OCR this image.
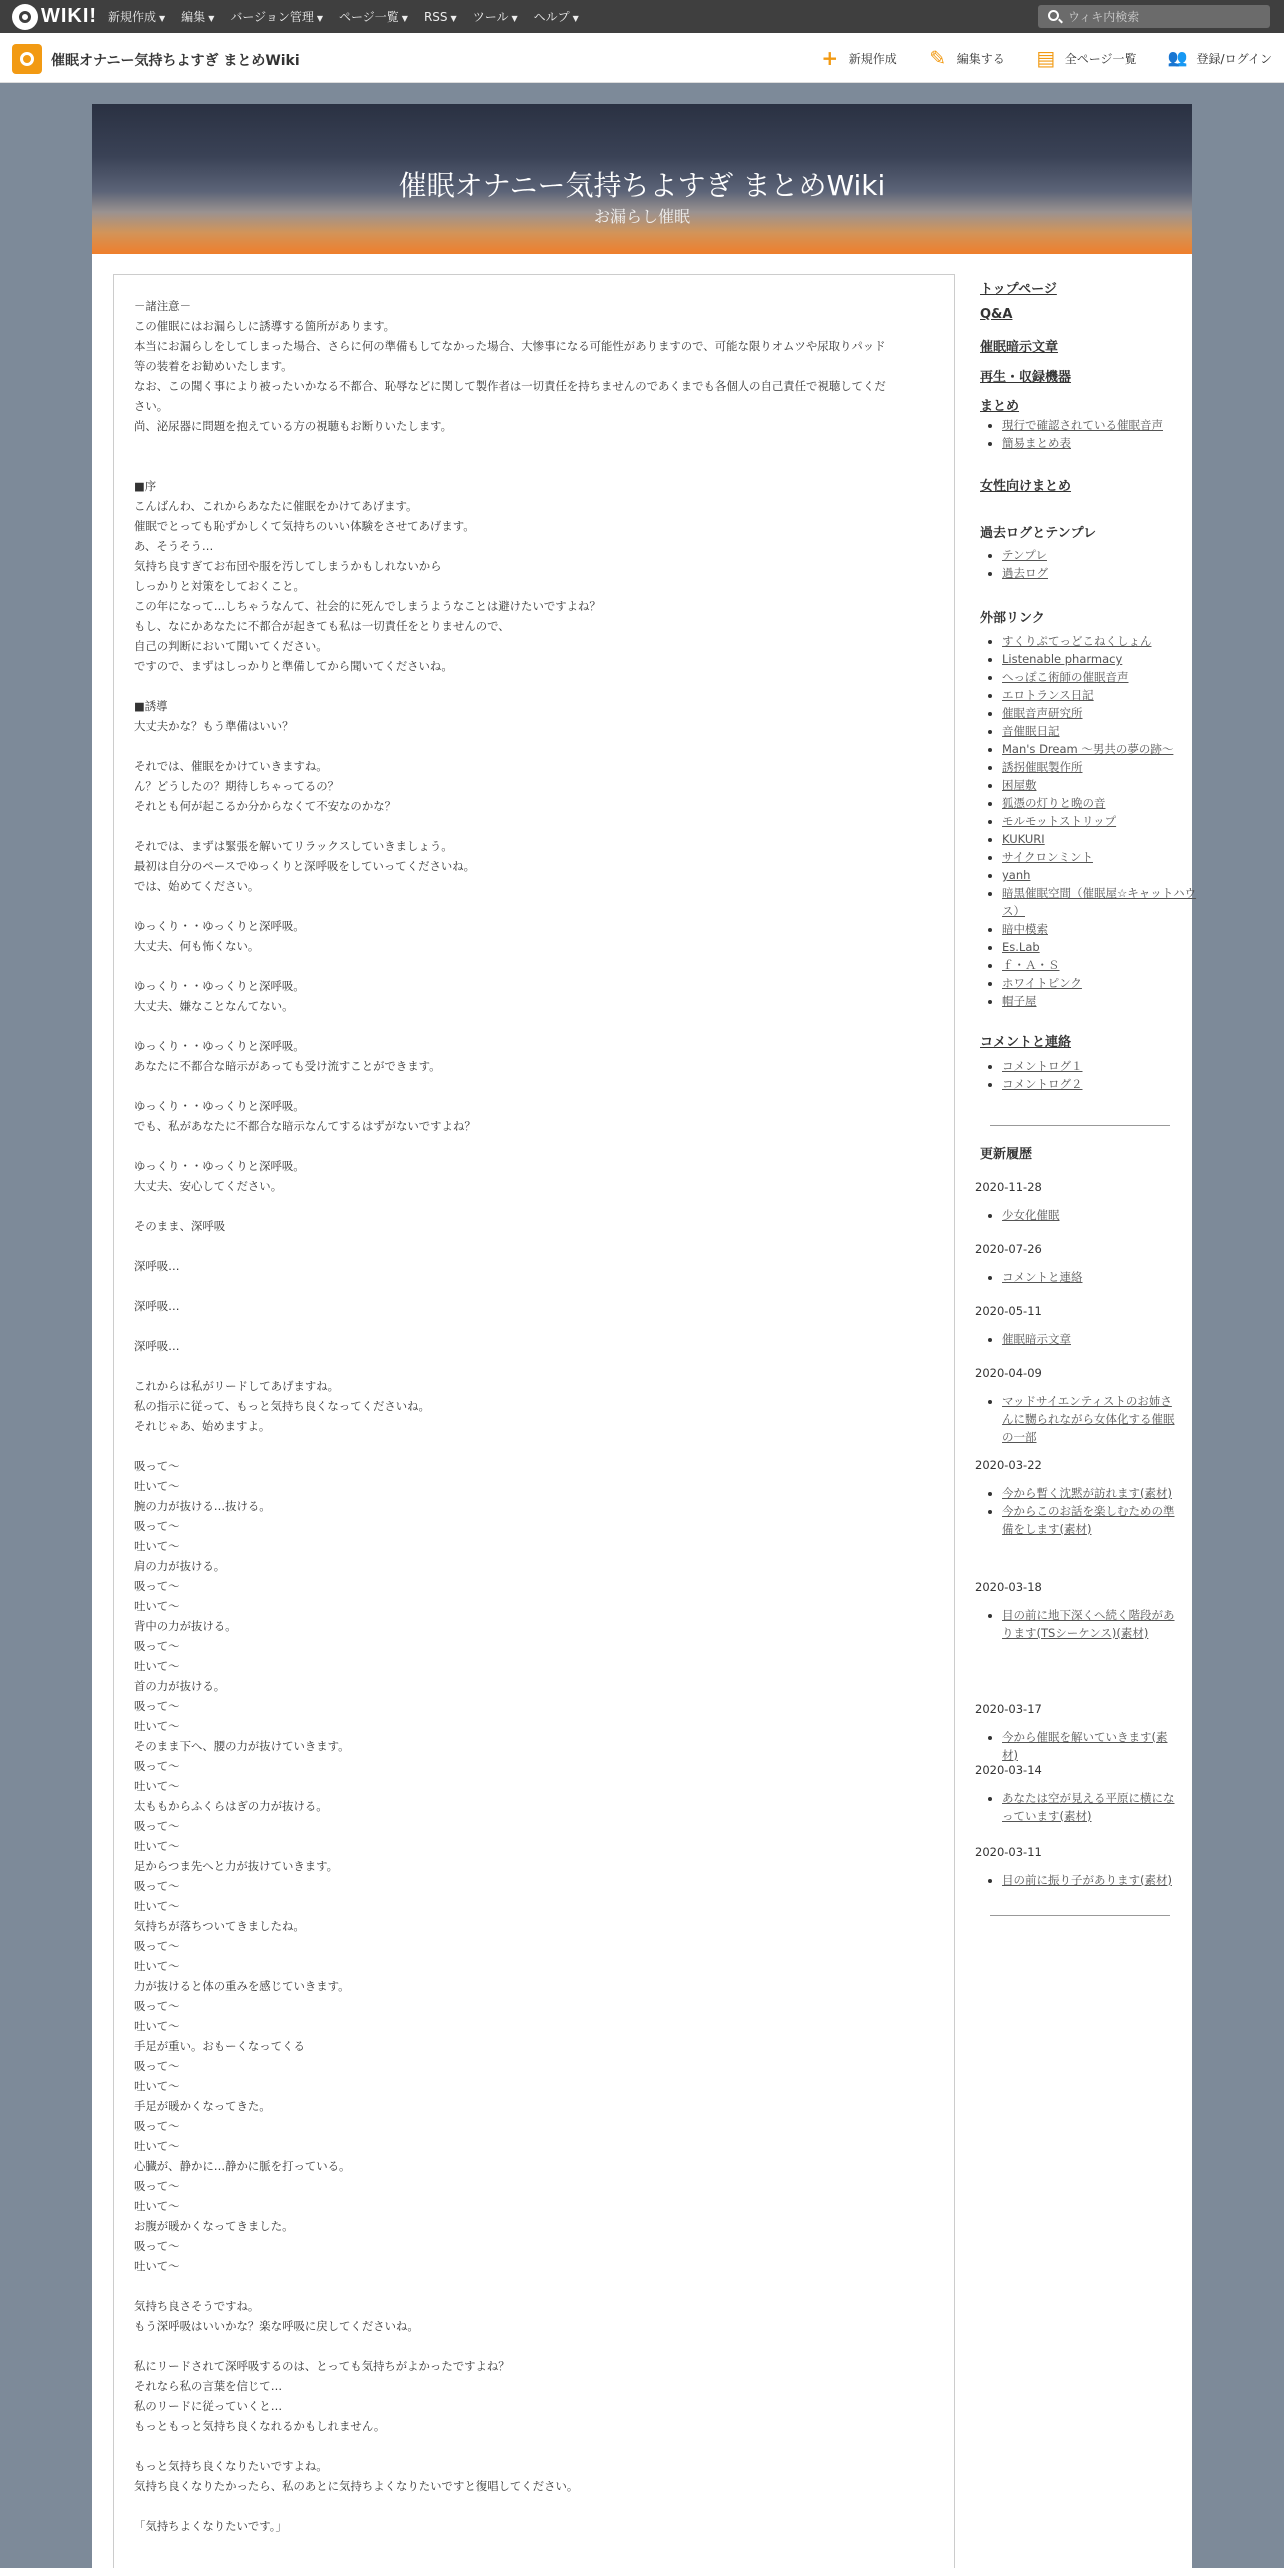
WIKI! 新規作成 ▼ 編集 ▼ バージョン管理 ▼ ページ一覧 ▼ RSS ▼ ツール ▼ ヘルプ ▼
ウィキ内検索
催眠オナニー気持ちよすぎ まとめWiki	+ 新規作成 ✎ 編集する ▤ 全ページ一覧 👥 登録/ログイン
催眠オナニー気持ちよすぎ まとめWiki
お漏らし催眠

－諸注意－

この催眠にはお漏らしに誘導する箇所があります。

本当にお漏らしをしてしまった場合、さらに何の準備もしてなかった場合、大惨事になる可能性がありますので、可能な限りオムツや尿取りパッド

等の装着をお勧めいたします。

なお、この聞く事により被ったいかなる不都合、恥辱などに関して製作者は一切責任を持ちませんのであくまでも各個人の自己責任で視聴してくだ

さい。

尚、泌尿器に問題を抱えている方の視聴もお断りいたします。

■序

こんばんわ、これからあなたに催眠をかけてあげます。

催眠でとっても恥ずかしくて気持ちのいい体験をさせてあげます。

あ、そうそう…

気持ち良すぎてお布団や服を汚してしまうかもしれないから

しっかりと対策をしておくこと。

この年になって…しちゃうなんて、社会的に死んでしまうようなことは避けたいですよね？

もし、なにかあなたに不都合が起きても私は一切責任をとりませんので、

自己の判断において聞いてください。

ですので、まずはしっかりと準備してから聞いてくださいね。

■誘導

大丈夫かな？もう準備はいい？

それでは、催眠をかけていきますね。

ん？どうしたの？期待しちゃってるの？

それとも何が起こるか分からなくて不安なのかな？

それでは、まずは緊張を解いてリラックスしていきましょう。

最初は自分のペースでゆっくりと深呼吸をしていってくださいね。

では、始めてください。

ゆっくり・・ゆっくりと深呼吸。

大丈夫、何も怖くない。

ゆっくり・・ゆっくりと深呼吸。

大丈夫、嫌なことなんてない。

ゆっくり・・ゆっくりと深呼吸。

あなたに不都合な暗示があっても受け流すことができます。

ゆっくり・・ゆっくりと深呼吸。

でも、私があなたに不都合な暗示なんてするはずがないですよね？

ゆっくり・・ゆっくりと深呼吸。

大丈夫、安心してください。

そのまま、深呼吸

深呼吸…

深呼吸…

深呼吸…

これからは私がリードしてあげますね。

私の指示に従って、もっと気持ち良くなってくださいね。

それじゃあ、始めますよ。

吸って～

吐いて～

腕の力が抜ける…抜ける。

吸って～

吐いて～

肩の力が抜ける。

吸って～

吐いて～

背中の力が抜ける。

吸って～

吐いて～

首の力が抜ける。

吸って～

吐いて～

そのまま下へ、腰の力が抜けていきます。

吸って～

吐いて～

太ももからふくらはぎの力が抜ける。

吸って～

吐いて～

足からつま先へと力が抜けていきます。

吸って～

吐いて～

気持ちが落ちついてきましたね。

吸って～

吐いて～

力が抜けると体の重みを感じていきます。

吸って～

吐いて～

手足が重い。おもーくなってくる

吸って～

吐いて～

手足が暖かくなってきた。

吸って～

吐いて～

心臓が、静かに…静かに脈を打っている。

吸って～

吐いて～

お腹が暖かくなってきました。

吸って～

吐いて～

気持ち良さそうですね。

もう深呼吸はいいかな？楽な呼吸に戻してくださいね。

私にリードされて深呼吸するのは、とっても気持ちがよかったですよね？

それなら私の言葉を信じて…

私のリードに従っていくと…

もっともっと気持ち良くなれるかもしれません。

もっと気持ち良くなりたいですよね。

気持ち良くなりたかったら、私のあとに気持ちよくなりたいですと復唱してください。

「気持ちよくなりたいです。」

トップページ
Q&A
催眠暗示文章
再生・収録機器
まとめ
• 現行で確認されている催眠音声
• 簡易まとめ表
女性向けまとめ
過去ログとテンプレ
• テンプレ
• 過去ログ
外部リンク
• すくりぷてっどこねくしょん
• Listenable pharmacy
• へっぽこ術師の催眠音声
• エロトランス日記
• 催眠音声研究所
• 音催眠日記
• Man's Dream ～男共の夢の跡～
• 誘拐催眠製作所
• 困屋敷
• 狐憑の灯りと晩の音
• モルモットストリップ
• KUKURI
• サイクロンミント
• yanh
• 暗黒催眠空間（催眠屋☆キャットハウス）
• 暗中模索
• Es.Lab
• ｆ・Ａ・Ｓ
• ホワイトピンク
• 帽子屋
コメントと連絡
• コメントログ１
• コメントログ２
更新履歴
2020-11-28
• 少女化催眠
2020-07-26
• コメントと連絡
2020-05-11
• 催眠暗示文章
2020-04-09
• マッドサイエンティストのお姉さんに嬲られながら女体化する催眠の一部
2020-03-22
• 今から暫く沈黙が訪れます(素材)
• 今からこのお話を楽しむための準備をします(素材)
2020-03-18
• 目の前に地下深くへ続く階段があります(TSシーケンス)(素材)
2020-03-17
• 今から催眠を解いていきます(素材)
2020-03-14
• あなたは空が見える平原に横になっています(素材)
2020-03-11
• 目の前に振り子があります(素材)
